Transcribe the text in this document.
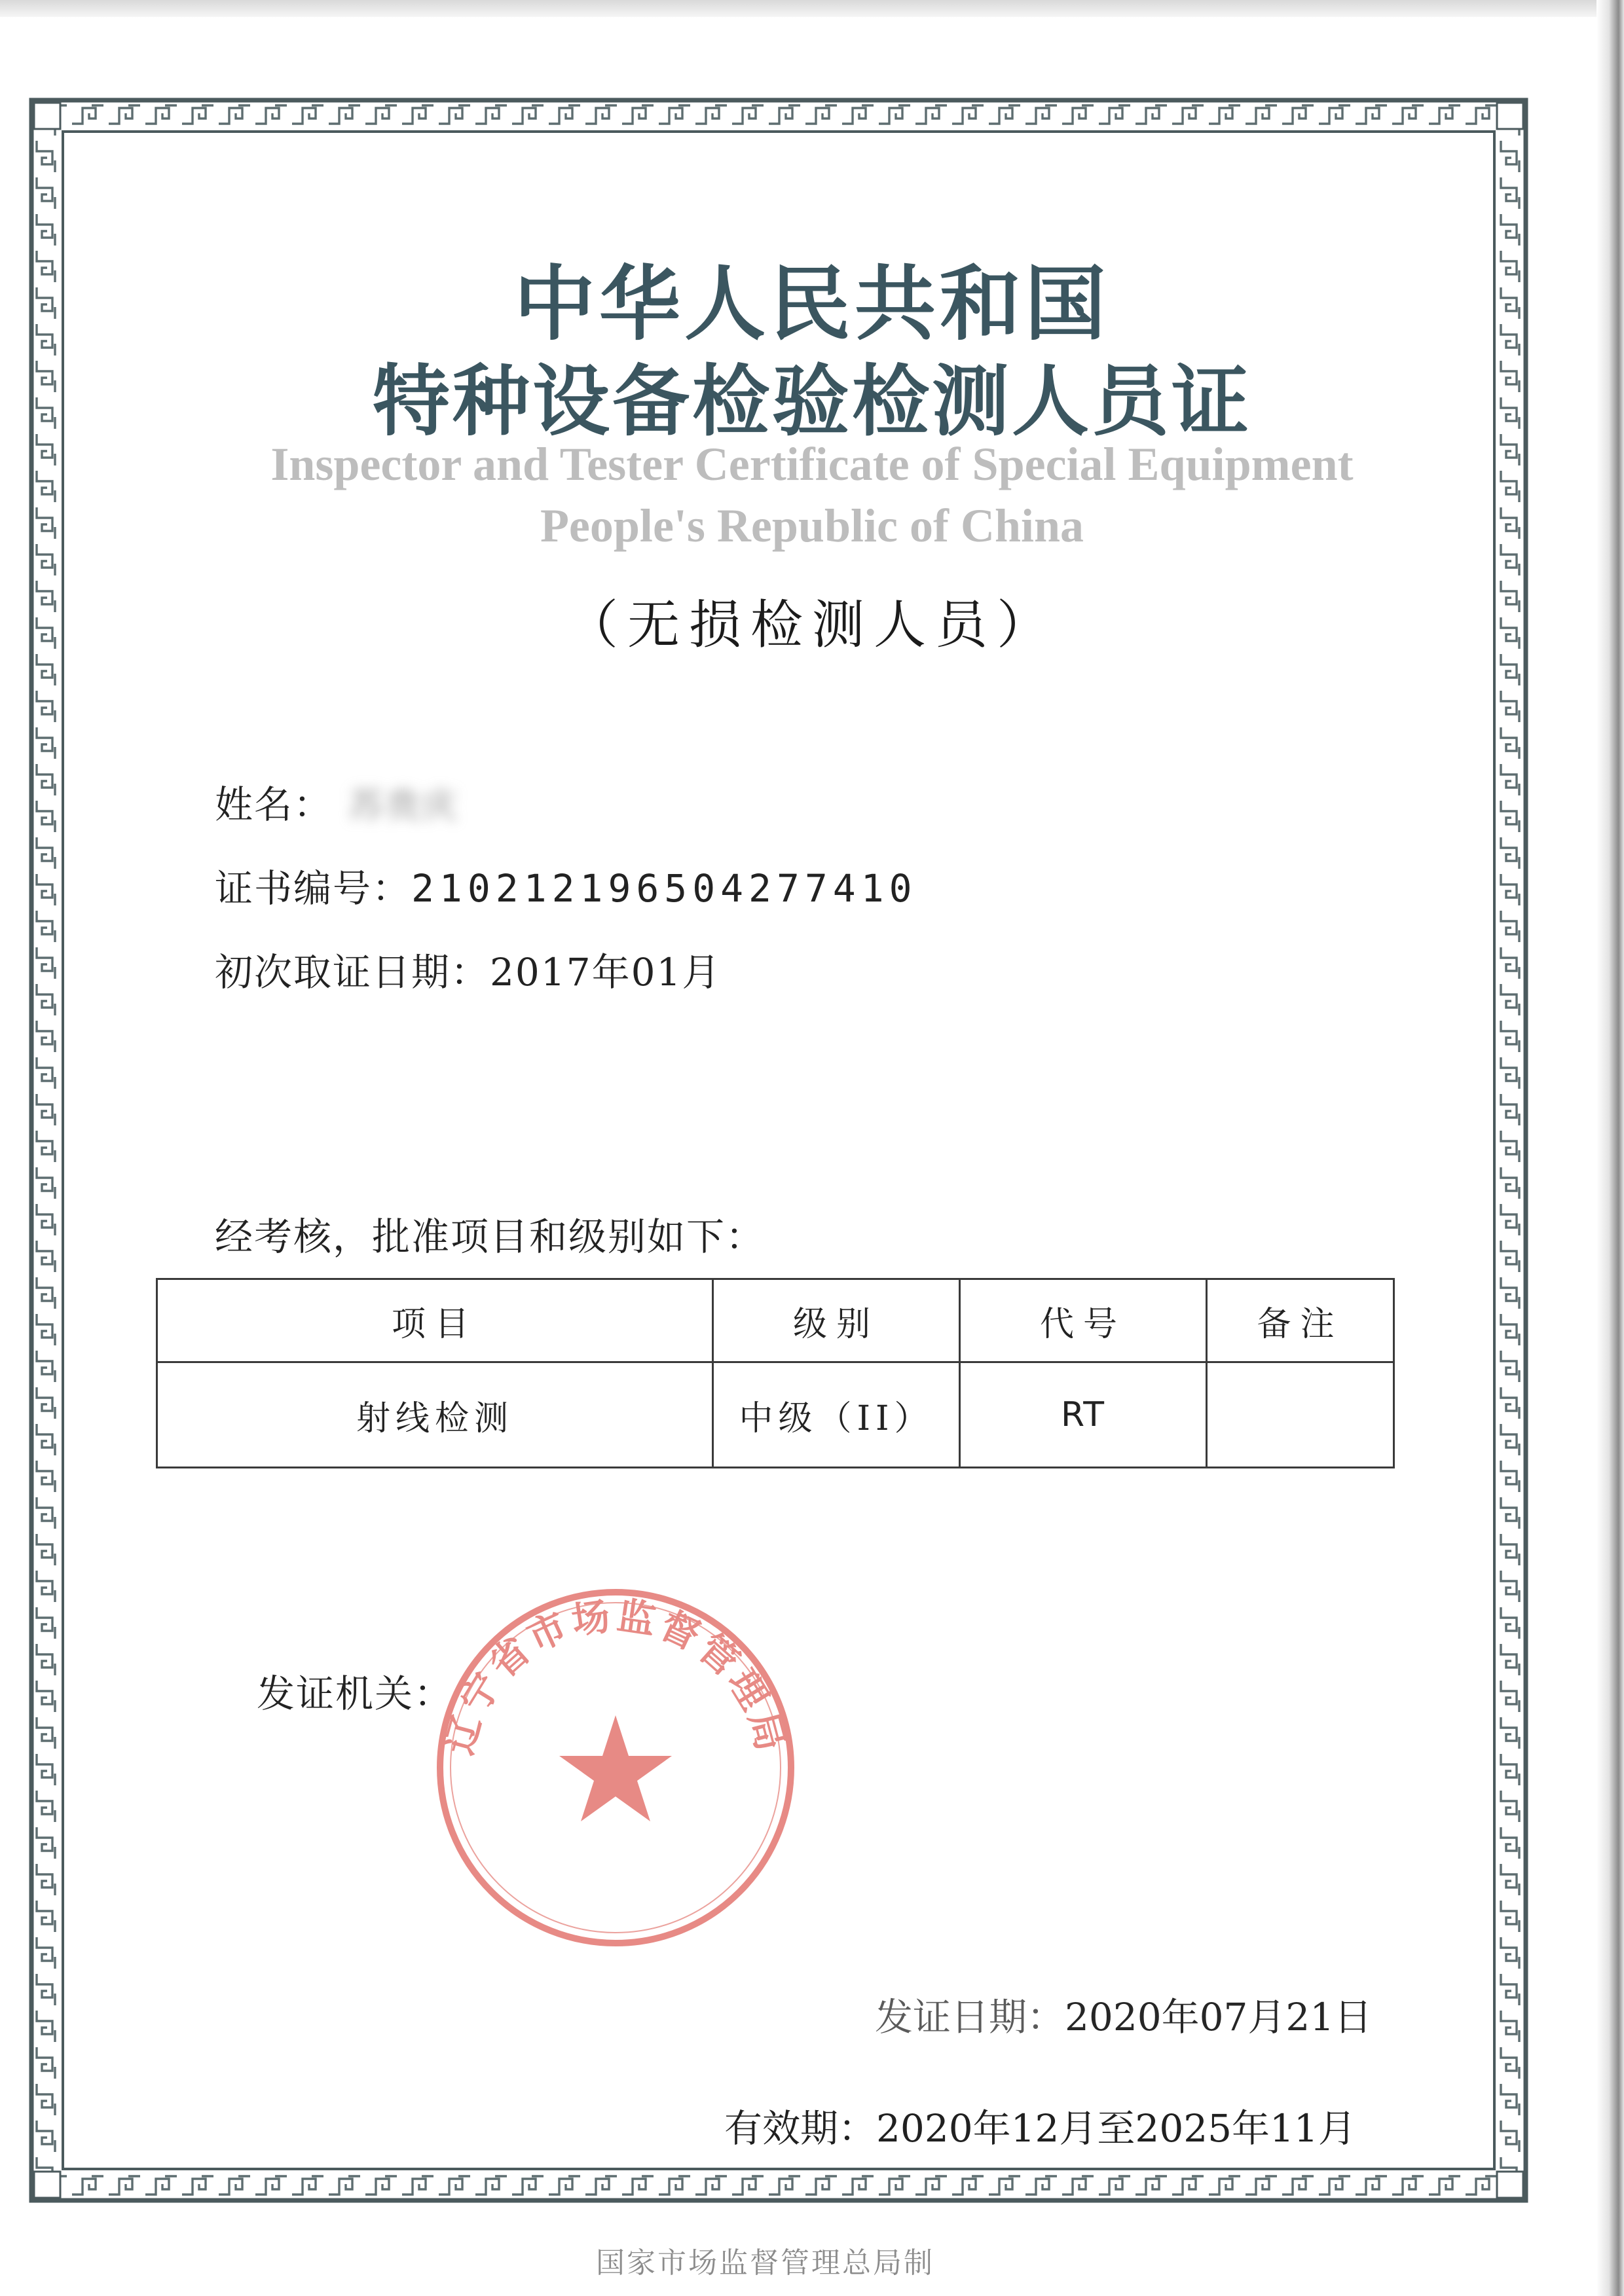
中华人民共和国
特种设备检验检测人员证
Inspector and Tester Certificate of Special Equipment
People's Republic of China
（无损检测人员）
姓名： 苏贵庆
证书编号：210212196504277410
初次取证日期：2017年01月
经考核，批准项目和级别如下：
项目	级别	代号	备注
射线检测	中级（II）	RT	
发证机关：
辽宁省市场监督管理局
发证日期：2020年07月21日
有效期：2020年12月至2025年11月
国家市场监督管理总局制
